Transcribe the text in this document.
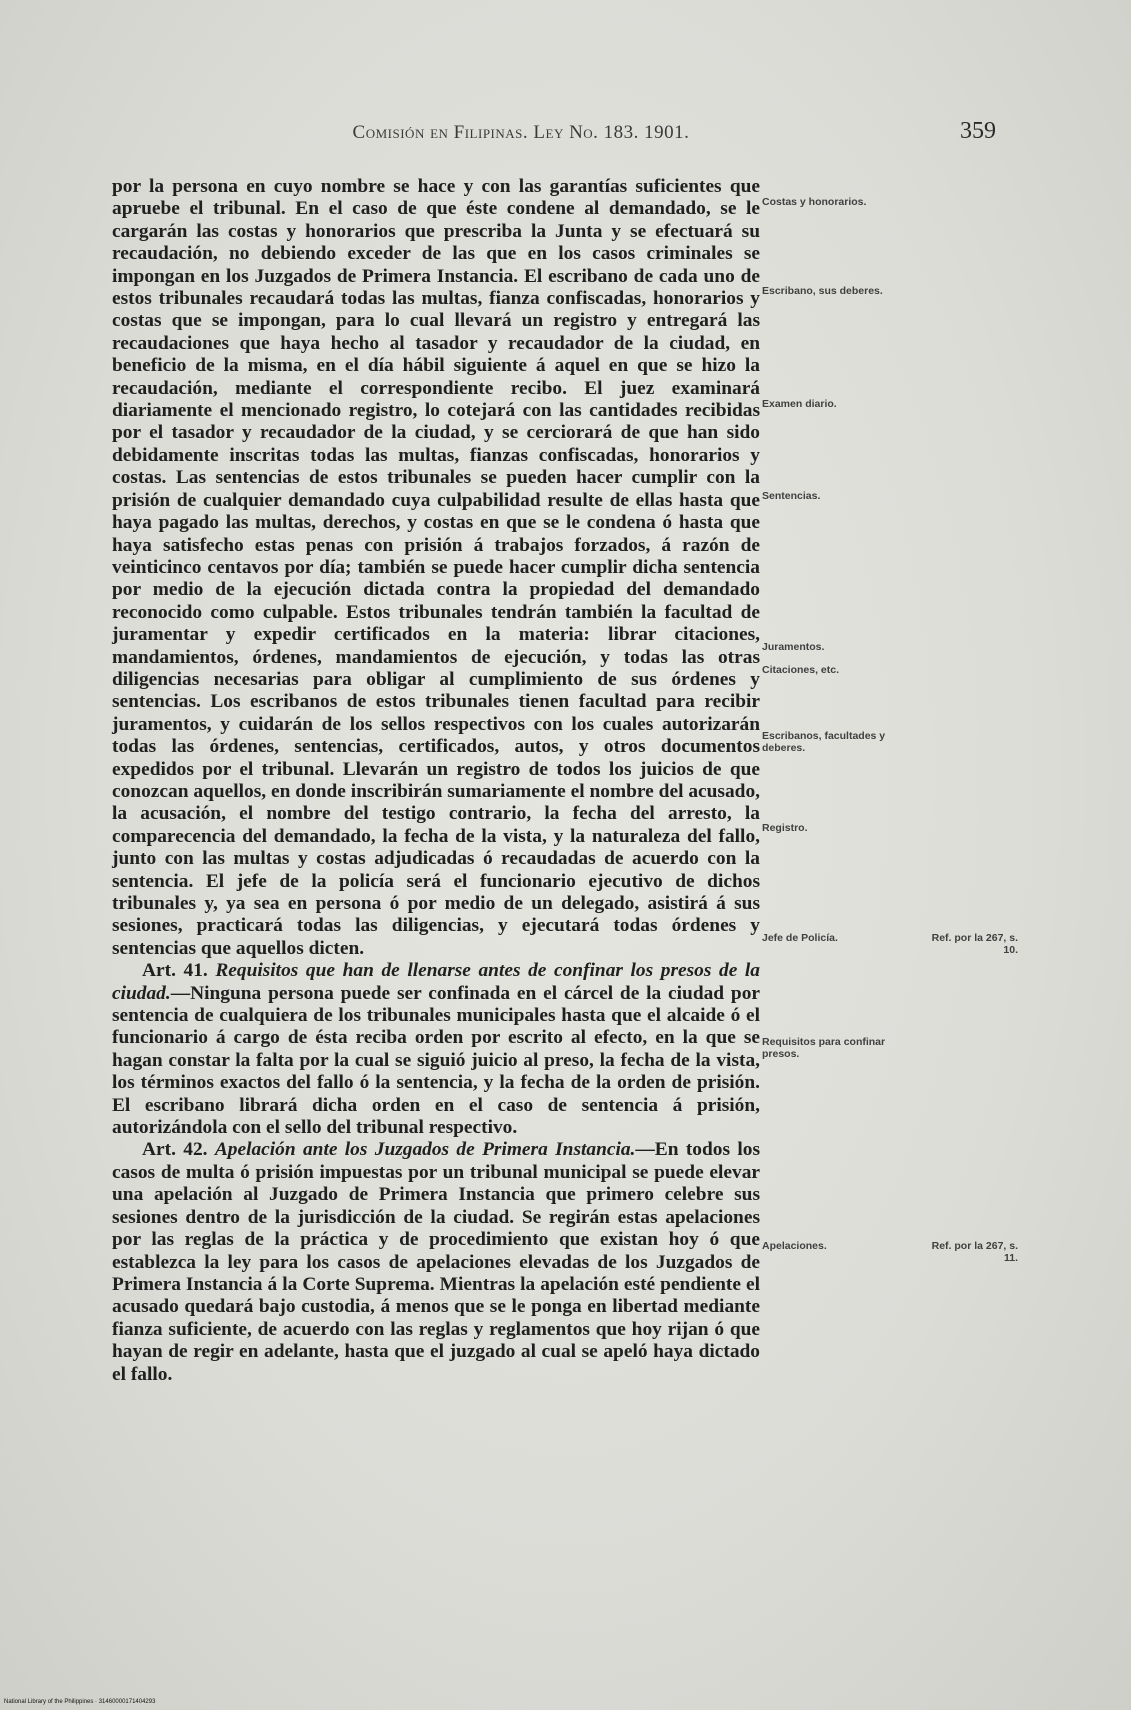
Comisión en Filipinas. Ley No. 183. 1901.	359

por la persona en cuyo nombre se hace y con las garantías suficientes que apruebe el tribunal. En el caso de que éste condene al demandado, se le cargarán las costas y honorarios que prescriba la Junta y se efectuará su recaudación, no debiendo exceder de las que en los casos criminales se impongan en los Juzgados de Primera Instancia. El escribano de cada uno de estos tribunales recaudará todas las multas, fianza confiscadas, honorarios y costas que se impongan, para lo cual llevará un registro y entregará las recaudaciones que haya hecho al tasador y recaudador de la ciudad, en beneficio de la misma, en el día hábil siguiente á aquel en que se hizo la recaudación, mediante el correspondiente recibo. El juez examinará diariamente el mencionado registro, lo cotejará con las cantidades recibidas por el tasador y recaudador de la ciudad, y se cerciorará de que han sido debidamente inscritas todas las multas, fianzas confiscadas, honorarios y costas. Las sentencias de estos tribunales se pueden hacer cumplir con la prisión de cualquier demandado cuya culpabilidad resulte de ellas hasta que haya pagado las multas, derechos, y costas en que se le condena ó hasta que haya satisfecho estas penas con prisión á trabajos forzados, á razón de veinticinco centavos por día; también se puede hacer cumplir dicha sentencia por medio de la ejecución dictada contra la propiedad del demandado reconocido como culpable. Estos tribunales tendrán también la facultad de juramentar y expedir certificados en la materia: librar citaciones, mandamientos, órdenes, mandamientos de ejecución, y todas las otras diligencias necesarias para obligar al cumplimiento de sus órdenes y sentencias. Los escribanos de estos tribunales tienen facultad para recibir juramentos, y cuidarán de los sellos respectivos con los cuales autorizarán todas las órdenes, sentencias, certificados, autos, y otros documentos expedidos por el tribunal. Llevarán un registro de todos los juicios de que conozcan aquellos, en donde inscribirán sumariamente el nombre del acusado, la acusación, el nombre del testigo contrario, la fecha del arresto, la comparecencia del demandado, la fecha de la vista, y la naturaleza del fallo, junto con las multas y costas adjudicadas ó recaudadas de acuerdo con la sentencia. El jefe de la policía será el funcionario ejecutivo de dichos tribunales y, ya sea en persona ó por medio de un delegado, asistirá á sus sesiones, practicará todas las diligencias, y ejecutará todas órdenes y sentencias que aquellos dicten.

Art. 41. Requisitos que han de llenarse antes de confinar los presos de la ciudad.—Ninguna persona puede ser confinada en el cárcel de la ciudad por sentencia de cualquiera de los tribunales municipales hasta que el alcaide ó el funcionario á cargo de ésta reciba orden por escrito al efecto, en la que se hagan constar la falta por la cual se siguió juicio al preso, la fecha de la vista, los términos exactos del fallo ó la sentencia, y la fecha de la orden de prisión. El escribano librará dicha orden en el caso de sentencia á prisión, autorizándola con el sello del tribunal respectivo.

Art. 42. Apelación ante los Juzgados de Primera Instancia.—En todos los casos de multa ó prisión impuestas por un tribunal municipal se puede elevar una apelación al Juzgado de Primera Instancia que primero celebre sus sesiones dentro de la jurisdicción de la ciudad. Se regirán estas apelaciones por las reglas de la práctica y de procedimiento que existan hoy ó que establezca la ley para los casos de apelaciones elevadas de los Juzgados de Primera Instancia á la Corte Suprema. Mientras la apelación esté pendiente el acusado quedará bajo custodia, á menos que se le ponga en libertad mediante fianza suficiente, de acuerdo con las reglas y reglamentos que hoy rijan ó que hayan de regir en adelante, hasta que el juzgado al cual se apeló haya dictado el fallo.

Costas y honorarios.
Escribano, sus deberes.
Examen diario.
Sentencias.
Juramentos.
Citaciones, etc.
Escribanos, facultades y deberes.
Registro.
Jefe de Policía.	Ref. por la 267, s. 10.
Requisitos para confinar presos.
Apelaciones.	Ref. por la 267, s. 11.
National Library of the Philippines · 31460000171404293
